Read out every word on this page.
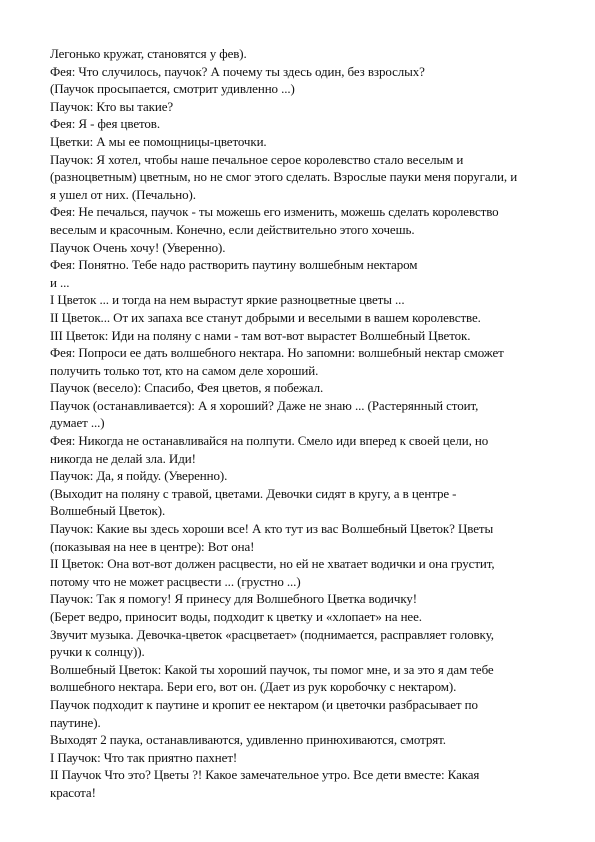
Легонько кружат, становятся у фев).
Фея: Что случилось, паучок? А почему ты здесь один, без взрослых?
(Паучок просыпается, смотрит удивленно ...)
Паучок: Кто вы такие?
Фея: Я - фея цветов.
Цветки: А мы ее помощницы-цветочки.
Паучок: Я хотел, чтобы наше печальное серое королевство стало веселым и
(разноцветным) цветным, но не смог этого сделать. Взрослые пауки меня поругали, и
я ушел от них. (Печально).
Фея: Не печалься, паучок - ты можешь его изменить, можешь сделать королевство
веселым и красочным. Конечно, если действительно этого хочешь.
Паучок Очень хочу! (Уверенно).
Фея: Понятно. Тебе надо растворить паутину волшебным нектаром
и ...
I Цветок ... и тогда на нем вырастут яркие разноцветные цветы ...
II Цветок... От их запаха все станут добрыми и веселыми в вашем королевстве.
III Цветок: Иди на поляну с нами - там вот-вот вырастет Волшебный Цветок.
Фея: Попроси ее дать волшебного нектара. Но запомни: волшебный нектар сможет
получить только тот, кто на самом деле хороший.
Паучок (весело): Спасибо, Фея цветов, я побежал.
Паучок (останавливается): А я хороший? Даже не знаю ... (Растерянный стоит,
думает ...)
Фея: Никогда не останавливайся на полпути. Смело иди вперед к своей цели, но
никогда не делай зла. Иди!
Паучок: Да, я пойду. (Уверенно).
(Выходит на поляну с травой, цветами. Девочки сидят в кругу, а в центре -
Волшебный Цветок).
Паучок: Какие вы здесь хороши все! А кто тут из вас Волшебный Цветок? Цветы
(показывая на нее в центре): Вот она!
II Цветок: Она вот-вот должен расцвести, но ей не хватает водички и она грустит,
потому что не может расцвести ... (грустно ...)
Паучок: Так я помогу! Я принесу для Волшебного Цветка водичку!
(Берет ведро, приносит воды, подходит к цветку и «хлопает» на нее.
Звучит музыка. Девочка-цветок «расцветает» (поднимается, расправляет головку,
ручки к солнцу)).
Волшебный Цветок: Какой ты хороший паучок, ты помог мне, и за это я дам тебе
волшебного нектара. Бери его, вот он. (Дает из рук коробочку с нектаром).
Паучок подходит к паутине и кропит ее нектаром (и цветочки разбрасывает по
паутине).
Выходят 2 паука, останавливаются, удивленно принюхиваются, смотрят.
I Паучок: Что так приятно пахнет!
II Паучок Что это? Цветы ?! Какое замечательное утро. Все дети вместе: Какая
красота!
